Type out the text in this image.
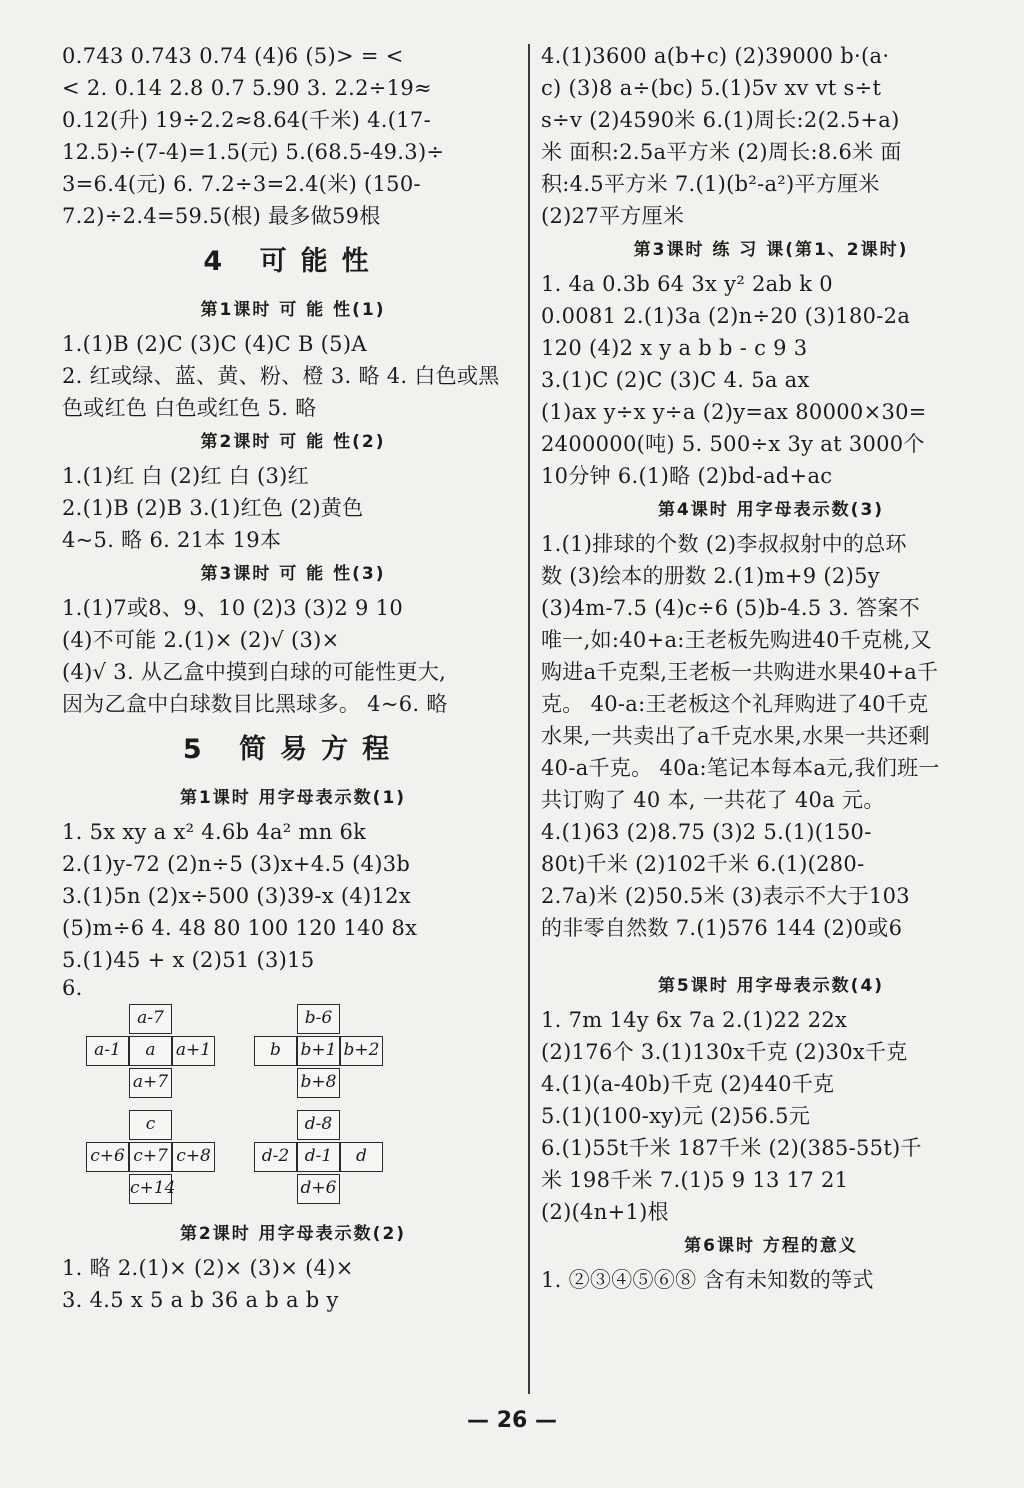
0.743 0.743 0.74 (4)6 (5)> = <
< 2. 0.14 2.8 0.7 5.90 3. 2.2÷19≈
0.12(升) 19÷2.2≈8.64(千米) 4.(17-
12.5)÷(7-4)=1.5(元) 5.(68.5-49.3)÷
3=6.4(元) 6. 7.2÷3=2.4(米) (150-
7.2)÷2.4=59.5(根) 最多做59根
4 可能性
第1课时 可 能 性(1)
1.(1)B (2)C (3)C (4)C B (5)A
2. 红或绿、蓝、黄、粉、橙 3. 略 4. 白色或黑
色或红色 白色或红色 5. 略
第2课时 可 能 性(2)
1.(1)红 白 (2)红 白 (3)红
2.(1)B (2)B 3.(1)红色 (2)黄色
4~5. 略 6. 21本 19本
第3课时 可 能 性(3)
1.(1)7或8、9、10 (2)3 (3)2 9 10
(4)不可能 2.(1)× (2)√ (3)×
(4)√ 3. 从乙盒中摸到白球的可能性更大,
因为乙盒中白球数目比黑球多。 4~6. 略
5 简易方程
第1课时 用字母表示数(1)
1. 5x xy a x² 4.6b 4a² mn 6k
2.(1)y-72 (2)n÷5 (3)x+4.5 (4)3b
3.(1)5n (2)x÷500 (3)39-x (4)12x
(5)m÷6 4. 48 80 100 120 140 8x
5.(1)45 + x (2)51 (3)15
6.
a-7
a-1	a	a+1
a+7
b-6
b	b+1 b+2
b+8
c
c+6 c+7 c+8
c+14
d-8
d-2 d-1	d
d+6
第2课时 用字母表示数(2)
1. 略 2.(1)× (2)× (3)× (4)×
3. 4.5 x 5 a b 36 a b a b y
4.(1)3600 a(b+c) (2)39000 b·(a·
c) (3)8 a÷(bc) 5.(1)5v xv vt s÷t
s÷v (2)4590米 6.(1)周长:2(2.5+a)
米 面积:2.5a平方米 (2)周长:8.6米 面
积:4.5平方米 7.(1)(b²-a²)平方厘米
(2)27平方厘米
第3课时 练 习 课(第1、2课时)
1. 4a 0.3b 64 3x y² 2ab k 0
0.0081 2.(1)3a (2)n÷20 (3)180-2a
120 (4)2 x y a b b - c 9 3
3.(1)C (2)C (3)C 4. 5a ax
(1)ax y÷x y÷a (2)y=ax 80000×30=
2400000(吨) 5. 500÷x 3y at 3000个
10分钟 6.(1)略 (2)bd-ad+ac
第4课时 用字母表示数(3)
1.(1)排球的个数 (2)李叔叔射中的总环
数 (3)绘本的册数 2.(1)m+9 (2)5y
(3)4m-7.5 (4)c÷6 (5)b-4.5 3. 答案不
唯一,如:40+a:王老板先购进40千克桃,又
购进a千克梨,王老板一共购进水果40+a千
克。 40-a:王老板这个礼拜购进了40千克
水果,一共卖出了a千克水果,水果一共还剩
40-a千克。 40a:笔记本每本a元,我们班一
共订购了 40 本, 一共花了 40a 元。
4.(1)63 (2)8.75 (3)2 5.(1)(150-
80t)千米 (2)102千米 6.(1)(280-
2.7a)米 (2)50.5米 (3)表示不大于103
的非零自然数 7.(1)576 144 (2)0或6
第5课时 用字母表示数(4)
1. 7m 14y 6x 7a 2.(1)22 22x
(2)176个 3.(1)130x千克 (2)30x千克
4.(1)(a-40b)千克 (2)440千克
5.(1)(100-xy)元 (2)56.5元
6.(1)55t千米 187千米 (2)(385-55t)千
米 198千米 7.(1)5 9 13 17 21
(2)(4n+1)根
第6课时 方程的意义
1. ②③④⑤⑥⑧ 含有未知数的等式
— 26 —
